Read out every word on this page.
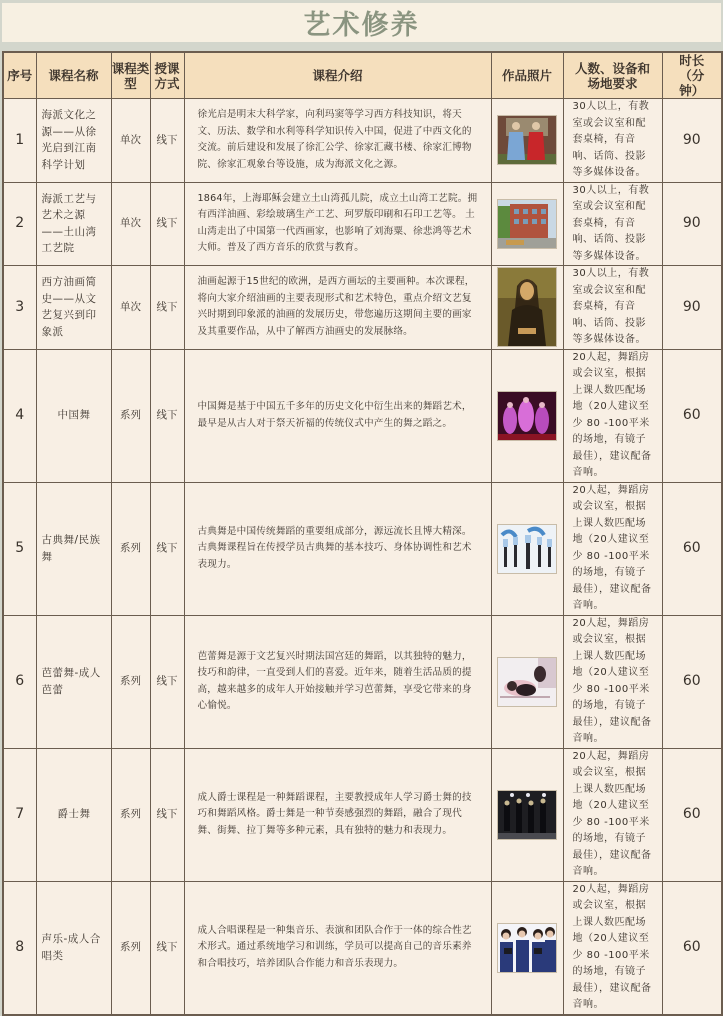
艺术修养
序号	课程名称	课程类型	授课方式	课程介绍	作品照片	人数、设备和场地要求	时长（分钟）
1	海派文化之源——从徐光启到江南科学计划	单次	线下	徐光启是明末大科学家，向利玛窦等学习西方科技知识，将天文、历法、数学和水利等科学知识传入中国，促进了中西文化的交流。前后建设和发展了徐汇公学、徐家汇藏书楼、徐家汇博物院、徐家汇观象台等设施，成为海派文化之源。		30人以上，有教室或会议室和配套桌椅，有音响、话筒、投影等多媒体设备。	90
2	海派工艺与艺术之源——土山湾工艺院	单次	线下	1864年，上海耶稣会建立土山湾孤儿院，成立土山湾工艺院。拥有西洋油画、彩绘玻璃生产工艺、珂罗版印刷和石印工艺等。 土山湾走出了中国第一代西画家，也影响了刘海粟、徐悲鸿等艺术大师。普及了西方音乐的欣赏与教育。		30人以上，有教室或会议室和配套桌椅，有音响、话筒、投影等多媒体设备。	90
3	西方油画简史——从文艺复兴到印象派	单次	线下	油画起源于15世纪的欧洲，是西方画坛的主要画种。本次课程，将向大家介绍油画的主要表现形式和艺术特色，重点介绍文艺复兴时期到印象派的油画的发展历史，带您遍历这期间主要的画家及其重要作品，从中了解西方油画史的发展脉络。		30人以上，有教室或会议室和配套桌椅，有音响、话筒、投影等多媒体设备。	90
4	中国舞	系列	线下	中国舞是基于中国五千多年的历史文化中衍生出来的舞蹈艺术，最早是从古人对于祭天祈福的传统仪式中产生的舞之蹈之。		20人起，舞蹈房或会议室，根据上课人数匹配场地（20人建议至少 80 -100平米的场地，有镜子最佳），建议配备音响。	60
5	古典舞/民族舞	系列	线下	古典舞是中国传统舞蹈的重要组成部分，源远流长且博大精深。古典舞课程旨在传授学员古典舞的基本技巧、身体协调性和艺术表现力。		20人起，舞蹈房或会议室，根据上课人数匹配场地（20人建议至少 80 -100平米的场地，有镜子最佳），建议配备音响。	60
6	芭蕾舞-成人芭蕾	系列	线下	芭蕾舞是源于文艺复兴时期法国宫廷的舞蹈，以其独特的魅力，技巧和韵律，一直受到人们的喜爱。近年来，随着生活品质的提高，越来越多的成年人开始接触并学习芭蕾舞，享受它带来的身心愉悦。		20人起，舞蹈房或会议室，根据上课人数匹配场地（20人建议至少 80 -100平米的场地，有镜子最佳），建议配备音响。	60
7	爵士舞	系列	线下	成人爵士课程是一种舞蹈课程，主要教授成年人学习爵士舞的技巧和舞蹈风格。爵士舞是一种节奏感强烈的舞蹈，融合了现代舞、街舞、拉丁舞等多种元素，具有独特的魅力和表现力。		20人起，舞蹈房或会议室，根据上课人数匹配场地（20人建议至少 80 -100平米的场地，有镜子最佳），建议配备音响。	60
8	声乐-成人合唱类	系列	线下	成人合唱课程是一种集音乐、表演和团队合作于一体的综合性艺术形式。通过系统地学习和训练，学员可以提高自己的音乐素养和合唱技巧，培养团队合作能力和音乐表现力。		20人起，舞蹈房或会议室，根据上课人数匹配场地（20人建议至少 80 -100平米的场地，有镜子最佳），建议配备音响。	60
